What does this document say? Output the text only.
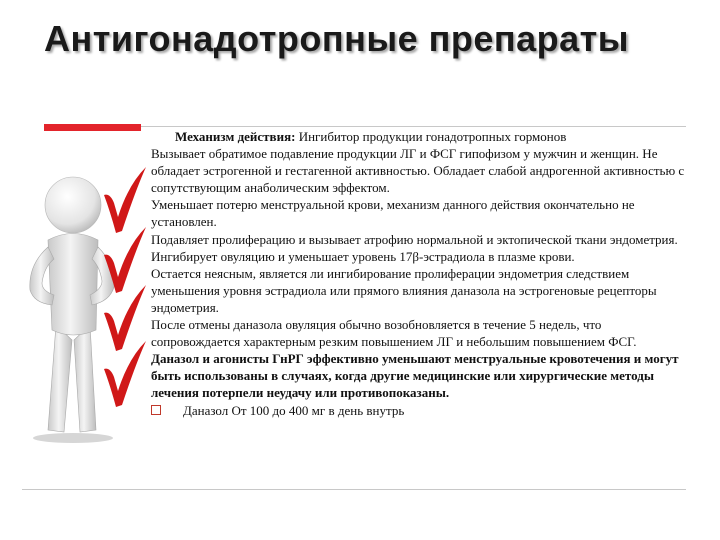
Антигонадотропные препараты

Механизм действия: Ингибитор продукции гонадотропных гормонов

Вызывает обратимое подавление продукции ЛГ и ФСГ гипофизом у мужчин и женщин. Не обладает эстрогенной и гестагенной активностью. Обладает слабой андрогенной активностью с сопутствующим анаболическим эффектом.

Уменьшает потерю менструальной крови, механизм данного действия окончательно не установлен.

Подавляет пролиферацию и вызывает атрофию нормальной и эктопической ткани эндометрия.

Ингибирует овуляцию и уменьшает уровень 17β-эстрадиола в плазме крови.

Остается неясным, является ли ингибирование пролиферации эндометрия следствием уменьшения уровня эстрадиола или прямого влияния даназола на эстрогеновые рецепторы эндометрия.

После отмены даназола овуляция обычно возобновляется в течение 5 недель, что сопровождается характерным резким повышением ЛГ и небольшим повышением ФСГ.

Даназол и агонисты ГнРГ эффективно уменьшают менструальные кровотечения и могут быть использованы в случаях, когда другие медицинские или хирургические методы лечения потерпели неудачу или противопоказаны.

Даназол От 100 до 400 мг в день внутрь
